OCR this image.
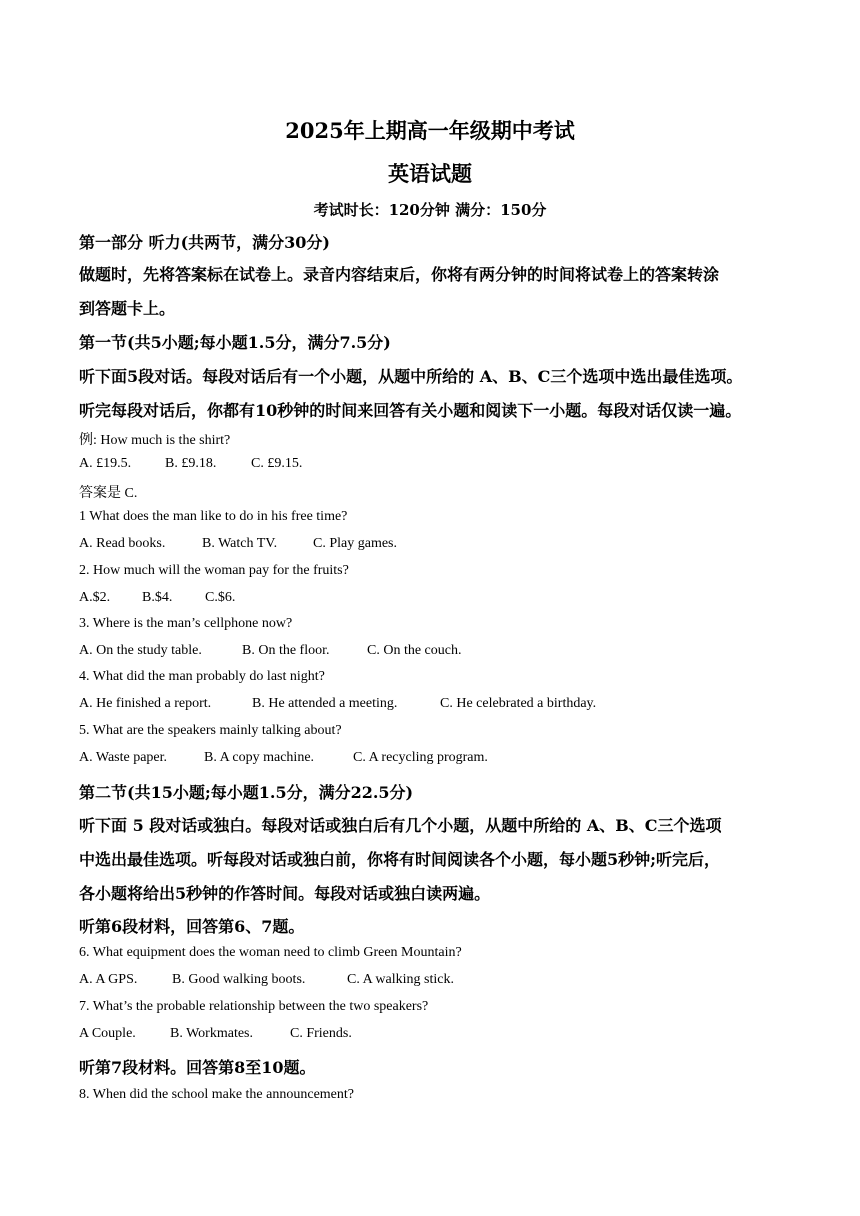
2025年上期高一年级期中考试
英语试题
考试时长：120分钟 满分：150分
第一部分 听力(共两节，满分30分)
做题时，先将答案标在试卷上。录音内容结束后，你将有两分钟的时间将试卷上的答案转涂
到答题卡上。
第一节(共5小题;每小题1.5分，满分7.5分)
听下面5段对话。每段对话后有一个小题，从题中所给的 A、B、C三个选项中选出最佳选项。
听完每段对话后，你都有10秒钟的时间来回答有关小题和阅读下一小题。每段对话仅读一遍。
例: How much is the shirt?
A. £19.5. B. £9.18. C. £9.15.
答案是 C.
1 What does the man like to do in his free time?
A. Read books.	B. Watch TV.	C. Play games.
2. How much will the woman pay for the fruits?
A.$2. B.$4. C.$6.
3. Where is the man’s cellphone now?
A. On the study table.	B. On the floor.	C. On the couch.
4. What did the man probably do last night?
A. He finished a report.	B. He attended a meeting.	C. He celebrated a birthday.
5. What are the speakers mainly talking about?
A. Waste paper.	B. A copy machine.	C. A recycling program.
第二节(共15小题;每小题1.5分，满分22.5分)
听下面 5 段对话或独白。每段对话或独白后有几个小题，从题中所给的 A、B、C三个选项
中选出最佳选项。听每段对话或独白前，你将有时间阅读各个小题，每小题5秒钟;听完后，
各小题将给出5秒钟的作答时间。每段对话或独白读两遍。
听第6段材料，回答第6、7题。
6. What equipment does the woman need to climb Green Mountain?
A. A GPS. B. Good walking boots.	C. A walking stick.
7. What’s the probable relationship between the two speakers?
A Couple. B. Workmates.	C. Friends.
听第7段材料。回答第8至10题。
8. When did the school make the announcement?
